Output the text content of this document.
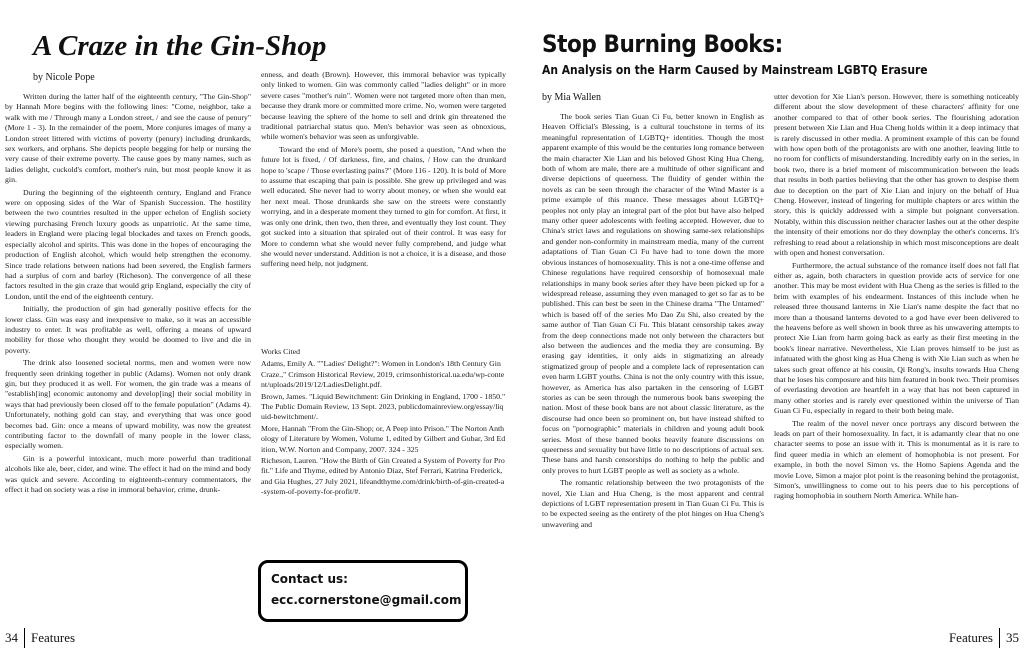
A Craze in the Gin-Shop
by Nicole Pope

Written during the latter half of the eighteenth century, "The Gin-Shop" by Hannah More begins with the following lines: "Come, neighbor, take a walk with me / Through many a London street, / and see the cause of penury" (More 1 - 3). In the remainder of the poem, More conjures images of many a London street littered with victims of poverty (penury) including drunkards, sex workers, and orphans. She depicts people begging for help or nursing the very cause of their extreme poverty. The cause goes by many names, such as ladies delight, cuckold's comfort, mother's ruin, but most people know it as gin.

During the beginning of the eighteenth century, England and France were on opposing sides of the War of Spanish Succession. The hostility between the two countries resulted in the upper echelon of English society viewing purchasing French luxury goods as unpatriotic. At the same time, leaders in England were placing legal blockades and taxes on French goods, especially alcohol and spirits. This was done in the hopes of encouraging the production of English alcohol, which would help strengthen the economy. Since trade relations between nations had been severed, the English farmers had a surplus of corn and barley (Richeson). The convergence of all these factors resulted in the gin craze that would grip England, especially the city of London, until the end of the eighteenth century.

Initially, the production of gin had generally positive effects for the lower class. Gin was easy and inexpensive to make, so it was an accessible industry to enter. It was profitable as well, offering a means of upward mobility for those who thought they would be doomed to live and die in poverty.

The drink also loosened societal norms, men and women were now frequently seen drinking together in public (Adams). Women not only drank gin, but they produced it as well. For women, the gin trade was a means of "establish[ing] economic autonomy and develop[ing] their social mobility in ways that had previously been closed off to the female population" (Adams 4). Unfortunately, nothing gold can stay, and everything that was once good becomes bad. Gin: once a means of upward mobility, was now the greatest contributing factor to the downfall of many people in the lower class, especially women.

Gin is a powerful intoxicant, much more powerful than traditional alcohols like ale, beer, cider, and wine. The effect it had on the mind and body was quick and severe. According to eighteenth-century commentators, the effect it had on society was a rise in immoral behavior, crime, drunk-

enness, and death (Brown). However, this immoral behavior was typically only linked to women. Gin was commonly called "ladies delight" or in more severe cases "mother's ruin". Women were not targeted more often than men, because they drank more or committed more crime. No, women were targeted because leaving the sphere of the home to sell and drink gin threatened the traditional patriarchal status quo. Men's behavior was seen as obnoxious, while women's behavior was seen as unforgivable.

Toward the end of More's poem, she posed a question, "And when the future lot is fixed, / Of darkness, fire, and chains, / How can the drunkard hope to 'scape / Those everlasting pains?" (More 116 - 120). It is bold of More to assume that escaping that pain is possible. She grew up privileged and was well educated. She never had to worry about money, or when she would eat her next meal. Those drunkards she saw on the streets were constantly worrying, and in a desperate moment they turned to gin for comfort. At first, it was only one drink, then two, then three, and eventually they lost count. They got sucked into a situation that spiraled out of their control. It was easy for More to condemn what she would never fully comprehend, and judge what she would never understand. Addition is not a choice, it is a disease, and those suffering need help, not judgment.

Works Cited
Adams, Emily A. ""Ladies' Delight?": Women in London's 18th Century Gin Craze.," Crimson Historical Review, 2019, crimsonhistorical.ua.edu/wp-content/uploads/2019/12/LadiesDelight.pdf.
Brown, James. "Liquid Bewitchment: Gin Drinking in England, 1700 - 1850." The Public Domain Review, 13 Sept. 2023, publicdomainreview.org/essay/liquid-bewitchment/.
More, Hannah "From the Gin-Shop; or, A Peep into Prison." The Norton Anthology of Literature by Women, Volume 1, edited by Gilbert and Gubar, 3rd Edition, W.W. Norton and Company, 2007. 324 - 325
Richeson, Lauren. "How the Birth of Gin Created a System of Poverty for Profit." Life and Thyme, edited by Antonio Diaz, Stef Ferrari, Katrina Frederick, and Gia Hughes, 27 July 2021, lifeandthyme.com/drink/birth-of-gin-created-a-system-of-poverty-for-profit/#.
Contact us:
ecc.cornerstone@gmail.com
34 Features
Stop Burning Books:
An Analysis on the Harm Caused by Mainstream LGBTQ Erasure
by Mia Wallen

The book series Tian Guan Ci Fu, better known in English as Heaven Official's Blessing, is a cultural touchstone in terms of its meaningful representation of LGBTQ+ identities. Though the most apparent example of this would be the centuries long romance between the main character Xie Lian and his beloved Ghost King Hua Cheng, both of whom are male, there are a multitude of other significant and diverse depictions of queerness. The fluidity of gender within the novels as can be seen through the character of the Wind Master is a prime example of this nuance. These messages about LGBTQ+ peoples not only play an integral part of the plot but have also helped many other queer adolescents with feeling accepted. However, due to China's strict laws and regulations on showing same-sex relationships and gender non-conformity in mainstream media, many of the current adaptations of Tian Guan Ci Fu have had to tone down the more obvious instances of homosexuality. This is not a one-time offense and Chinese regulations have required censorship of homosexual male relationships in many book series after they have been picked up for a widespread release, assuming they even managed to get so far as to be published. This can best be seen in the Chinese drama "The Untamed" which is based off of the series Mo Dao Zu Shi, also created by the same author of Tian Guan Ci Fu. This blatant censorship takes away from the deep connections made not only between the characters but also between the audiences and the media they are consuming. By erasing gay identities, it only aids in stigmatizing an already stigmatized group of people and a complete lack of representation can even harm LGBT youths. China is not the only country with this issue, however, as America has also partaken in the censoring of LGBT stories as can be seen through the numerous book bans sweeping the nation. Most of these book bans are not about classic literature, as the discourse had once been so prominent on, but have instead shifted to focus on "pornographic" materials in children and young adult book series. Most of these banned books heavily feature discussions on queerness and sexuality but have little to no descriptions of actual sex. These bans and harsh censorships do nothing to help the public and only proves to hurt LGBT people as well as society as a whole.

The romantic relationship between the two protagonists of the novel, Xie Lian and Hua Cheng, is the most apparent and central depictions of LGBT representation present in Tian Guan Ci Fu. This is to be expected seeing as the entirety of the plot hinges on Hua Cheng's unwavering and

utter devotion for Xie Lian's person. However, there is something noticeably different about the slow development of these characters' affinity for one another compared to that of other book series. The flourishing adoration present between Xie Lian and Hua Cheng holds within it a deep intimacy that is rarely discussed in other media. A prominent example of this can be found with how open both of the protagonists are with one another, leaving little to no room for conflicts of misunderstanding. Incredibly early on in the series, in book two, there is a brief moment of miscommunication between the leads that results in both parties believing that the other has grown to despise them due to deception on the part of Xie Lian and injury on the behalf of Hua Cheng. However, instead of lingering for multiple chapters or arcs within the story, this is quickly addressed with a simple but poignant conversation. Notably, within this discussion neither character lashes out at the other despite the intensity of their emotions nor do they downplay the other's concerns. It's refreshing to read about a relationship in which most misconceptions are dealt with open and honest conversation.

Furthermore, the actual substance of the romance itself does not fall flat either as, again, both characters in question provide acts of service for one another. This may be most evident with Hua Cheng as the series is filled to the brim with examples of his endearment. Instances of this include when he released three thousand lanterns in Xie Lian's name despite the fact that no more than a thousand lanterns devoted to a god have ever been delivered to the heavens before as well shown in book three as his unwavering attempts to protect Xie Lian from harm going back as early as their first meeting in the book's linear narrative. Nevertheless, Xie Lian proves himself to be just as infatuated with the ghost king as Hua Cheng is with Xie Lian such as when he takes such great offence at his cousin, Qi Rong's, insults towards Hua Cheng that he loses his composure and hits him featured in book two. Their promises of everlasting devotion are heartfelt in a way that has not been captured in many other stories and is rarely ever questioned within the universe of Tian Guan Ci Fu, especially in regard to their both being male.

The realm of the novel never once portrays any discord between the leads on part of their homosexuality. In fact, it is adamantly clear that no one character seems to pose an issue with it. This is monumental as it is rare to find queer media in which an element of homophobia is not present. For example, in both the novel Simon vs. the Homo Sapiens Agenda and the movie Love, Simon a major plot point is the reasoning behind the protagonist, Simon's, unwillingness to come out to his peers due to his perceptions of raging homophobia in southern North America. While han-

Features 35
